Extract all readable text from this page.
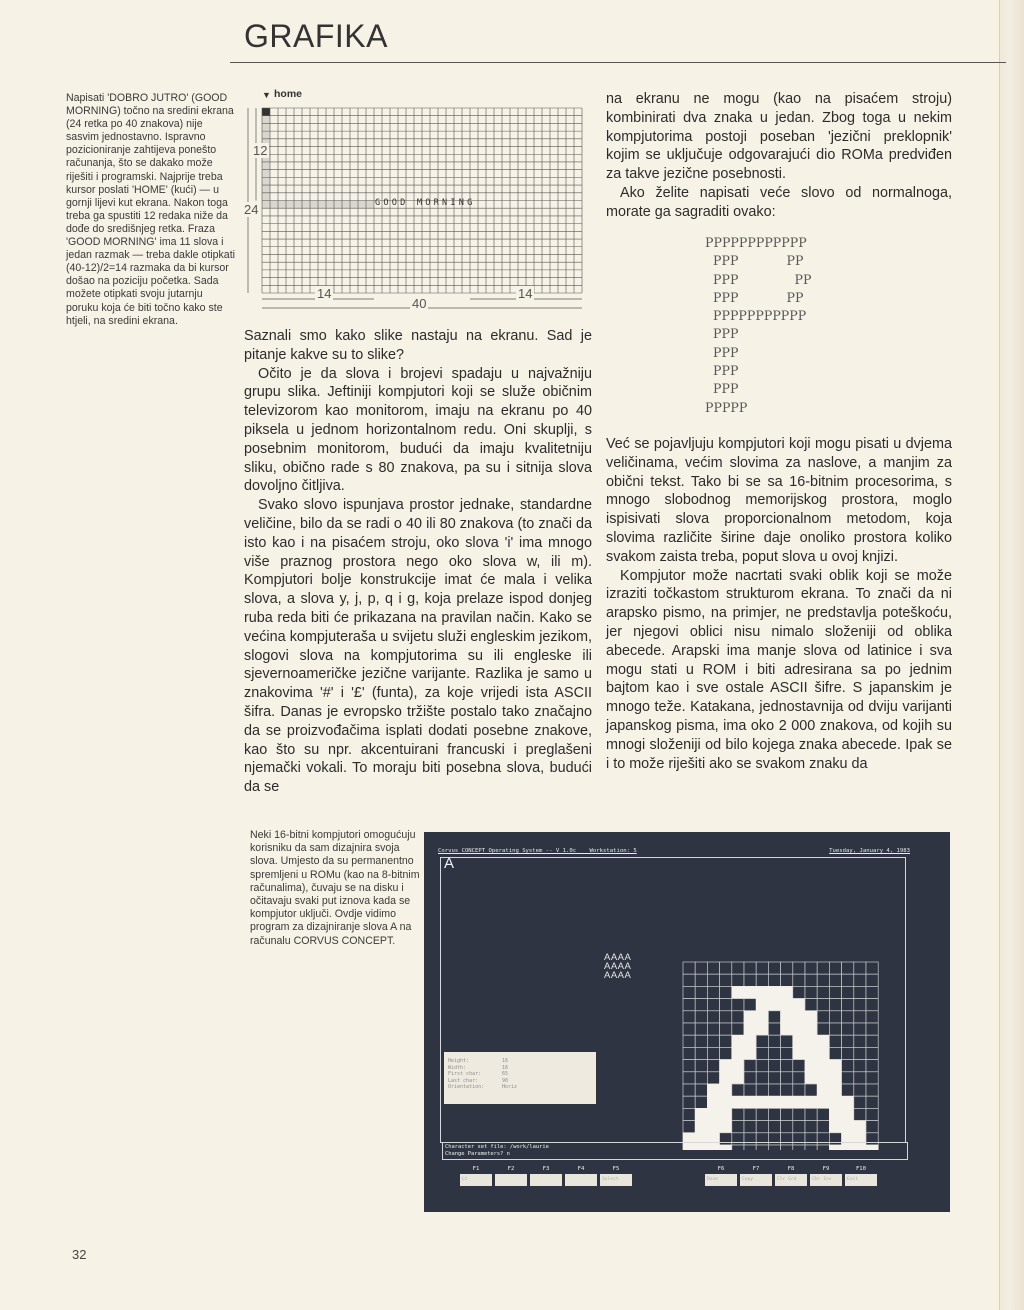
GRAFIKA

Napisati 'DOBRO JUTRO' (GOOD MORNING) točno na sredini ekrana (24 retka po 40 znakova) nije sasvim jednostavno. Ispravno pozicioniranje zahtijeva ponešto računanja, što se dakako može riješiti i programski. Najprije treba kursor poslati 'HOME' (kući) — u gornji lijevi kut ekrana. Nakon toga treba ga spustiti 12 redaka niže da dođe do središnjeg retka. Fraza 'GOOD MORNING' ima 11 slova i jedan razmak — treba dakle otipkati (40-12)/2=14 razmaka da bi kursor došao na poziciju početka. Sada možete otipkati svoju jutarnju poruku koja će biti točno kako ste htjeli, na sredini ekrana.

▼ home
24
12
14	14
40
GOOD MORNING

Saznali smo kako slike nastaju na ekranu. Sad je pitanje kakve su to slike?

Očito je da slova i brojevi spadaju u najvažniju grupu slika. Jeftiniji kompjutori koji se služe običnim televizorom kao monitorom, imaju na ekranu po 40 piksela u jednom horizontalnom redu. Oni skuplji, s posebnim monitorom, budući da imaju kvalitetniju sliku, obično rade s 80 znakova, pa su i sitnija slova dovoljno čitljiva.

Svako slovo ispunjava prostor jednake, standardne veličine, bilo da se radi o 40 ili 80 znakova (to znači da isto kao i na pisaćem stroju, oko slova 'i' ima mnogo više praznog prostora nego oko slova w, ili m). Kompjutori bolje konstrukcije imat će mala i velika slova, a slova y, j, p, q i g, koja prelaze ispod donjeg ruba reda biti će prikazana na pravilan način. Kako se većina kompjuteraša u svijetu služi engleskim jezikom, slogovi slova na kompjutorima su ili engleske ili sjevernoameričke jezične varijante. Razlika je samo u znakovima '#' i '£' (funta), za koje vrijedi ista ASCII šifra. Danas je evropsko tržište postalo tako značajno da se proizvođačima isplati dodati posebne znakove, kao što su npr. akcentuirani francuski i preglašeni njemački vokali. To moraju biti posebna slova, budući da se

na ekranu ne mogu (kao na pisaćem stroju) kombinirati dva znaka u jedan. Zbog toga u nekim kompjutorima postoji poseban 'jezični preklopnik' kojim se uključuje odgovarajući dio ROMa predviđen za takve jezične posebnosti.

Ako želite napisati veće slovo od normalnoga, morate ga sagraditi ovako:

PPPPPPPPPPPP
PPP            PP
PPP              PP
PPP            PP
PPPPPPPPPPP
PPP
PPP
PPP
PPP
PPPPP

Već se pojavljuju kompjutori koji mogu pisati u dvjema veličinama, većim slovima za naslove, a manjim za obični tekst. Tako bi se sa 16-bitnim procesorima, s mnogo slobodnog memorijskog prostora, moglo ispisivati slova proporcionalnom metodom, koja slovima različite širine daje onoliko prostora koliko svakom zaista treba, poput slova u ovoj knjizi.

Kompjutor može nacrtati svaki oblik koji se može izraziti točkastom strukturom ekrana. To znači da ni arapsko pismo, na primjer, ne predstavlja poteškoću, jer njegovi oblici nisu nimalo složeniji od oblika abecede. Arapski ima manje slova od latinice i sva mogu stati u ROM i biti adresirana sa po jednim bajtom kao i sve ostale ASCII šifre. S japanskim je mnogo teže. Katakana, jednostavnija od dviju varijanti japanskog pisma, ima oko 2 000 znakova, od kojih su mnogi složeniji od bilo kojega znaka abecede. Ipak se i to može riješiti ako se svakom znaku da

Neki 16-bitni kompjutori omogućuju korisniku da sam dizajnira svoja slova. Umjesto da su permanentno spremljeni u ROMu (kao na 8-bitnim računalima), čuvaju se na disku i očitavaju svaki put iznova kada se kompjutor uključi. Ovdje vidimo program za dizajniranje slova A na računalu CORVUS CONCEPT.

Corvus CONCEPT Operating System -- V 1.0c    Workstation: 5	Tuesday, January 4, 1983
A
AAAA
AAAA
AAAA
Height:	16
Width:	16
First char:	65
Last char:	90
Orientation:	Horiz
Character set file: /work/laurie
Change Parameters? n
F1
Lt
F2	F3	F4	F5
Select
F6
Done
F7
Copy
F8
Clr Grd
F9
Chr Inv
F10
Exit
32
